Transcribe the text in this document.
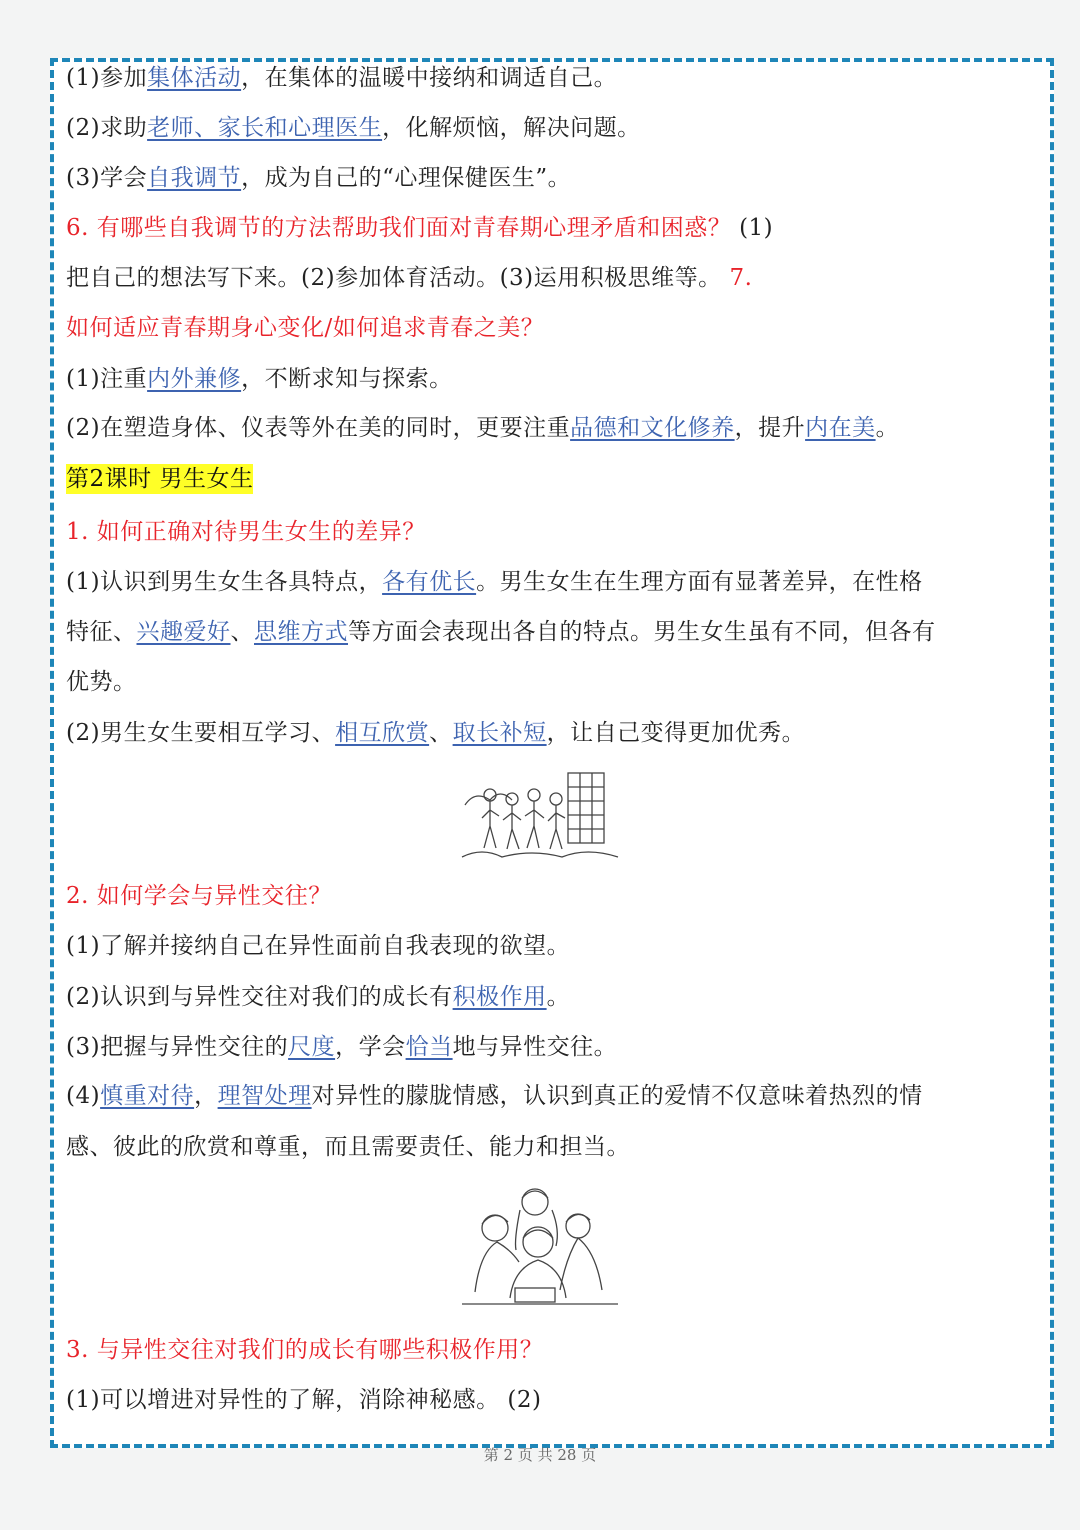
(1)参加集体活动，在集体的温暖中接纳和调适自己。
(2)求助老师、家长和心理医生，化解烦恼，解决问题。
(3)学会自我调节，成为自己的“心理保健医生”。
6. 有哪些自我调节的方法帮助我们面对青春期心理矛盾和困惑？ (1)
把自己的想法写下来。(2)参加体育活动。(3)运用积极思维等。 7.
如何适应青春期身心变化/如何追求青春之美？
(1)注重内外兼修，不断求知与探索。
(2)在塑造身体、仪表等外在美的同时，更要注重品德和文化修养，提升内在美。
第2课时 男生女生
1. 如何正确对待男生女生的差异？
(1)认识到男生女生各具特点，各有优长。男生女生在生理方面有显著差异，在性格
特征、兴趣爱好、思维方式等方面会表现出各自的特点。男生女生虽有不同，但各有
优势。
(2)男生女生要相互学习、相互欣赏、取长补短，让自己变得更加优秀。
2. 如何学会与异性交往？
(1)了解并接纳自己在异性面前自我表现的欲望。
(2)认识到与异性交往对我们的成长有积极作用。
(3)把握与异性交往的尺度，学会恰当地与异性交往。
(4)慎重对待，理智处理对异性的朦胧情感，认识到真正的爱情不仅意味着热烈的情
感、彼此的欣赏和尊重，而且需要责任、能力和担当。
3. 与异性交往对我们的成长有哪些积极作用？
(1)可以增进对异性的了解，消除神秘感。 (2)
第 2 页 共 28 页
